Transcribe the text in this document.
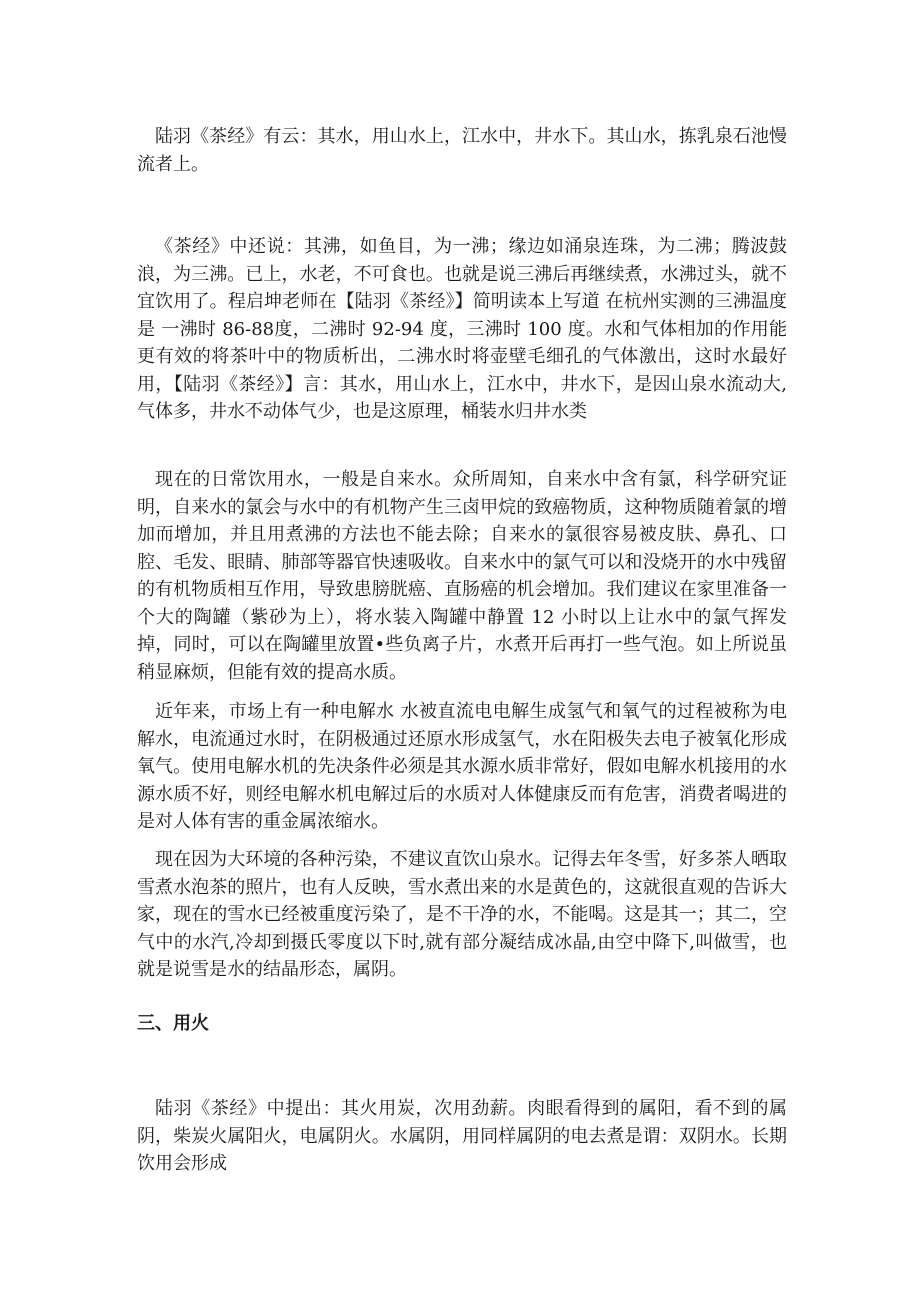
陆羽《茶经》有云：其水，用山水上，江水中，井水下。其山水，拣乳泉石池慢流者上。

《茶经》中还说：其沸，如鱼目，为一沸；缘边如涌泉连珠，为二沸；腾波鼓浪，为三沸。已上，水老，不可食也。也就是说三沸后再继续煮，水沸过头，就不宜饮用了。程启坤老师在【陆羽《茶经》】简明读本上写道 在杭州实测的三沸温度是 一沸时 86-88度，二沸时 92-94 度，三沸时 100 度。水和气体相加的作用能更有效的将茶叶中的物质析出，二沸水时将壶壁毛细孔的气体激出，这时水最好用，【陆羽《茶经》】言：其水，用山水上，江水中，井水下，是因山泉水流动大,气体多，井水不动体气少，也是这原理，桶装水归井水类

现在的日常饮用水，一般是自来水。众所周知，自来水中含有氯，科学研究证明，自来水的氯会与水中的有机物产生三卤甲烷的致癌物质，这种物质随着氯的增加而增加，并且用煮沸的方法也不能去除；自来水的氯很容易被皮肤、鼻孔、口腔、毛发、眼睛、肺部等器官快速吸收。自来水中的氯气可以和没烧开的水中残留的有机物质相互作用，导致患膀胱癌、直肠癌的机会增加。我们建议在家里准备一个大的陶罐（紫砂为上），将水装入陶罐中静置 12 小时以上让水中的氯气挥发掉，同时，可以在陶罐里放置•些负离子片，水煮开后再打一些气泡。如上所说虽稍显麻烦，但能有效的提高水质。

近年来，市场上有一种电解水 水被直流电电解生成氢气和氧气的过程被称为电解水，电流通过水时，在阴极通过还原水形成氢气，水在阳极失去电子被氧化形成氧气。使用电解水机的先决条件必须是其水源水质非常好，假如电解水机接用的水源水质不好，则经电解水机电解过后的水质对人体健康反而有危害，消费者喝进的是对人体有害的重金属浓缩水。

现在因为大环境的各种污染，不建议直饮山泉水。记得去年冬雪，好多茶人晒取雪煮水泡茶的照片，也有人反映，雪水煮出来的水是黄色的，这就很直观的告诉大家，现在的雪水已经被重度污染了，是不干净的水，不能喝。这是其一；其二，空气中的水汽,冷却到摄氏零度以下时,就有部分凝结成冰晶,由空中降下,叫做雪，也就是说雪是水的结晶形态，属阴。

三、用火

陆羽《茶经》中提出：其火用炭，次用劲薪。肉眼看得到的属阳，看不到的属阴，柴炭火属阳火，电属阴火。水属阴，用同样属阴的电去煮是谓：双阴水。长期饮用会形成
